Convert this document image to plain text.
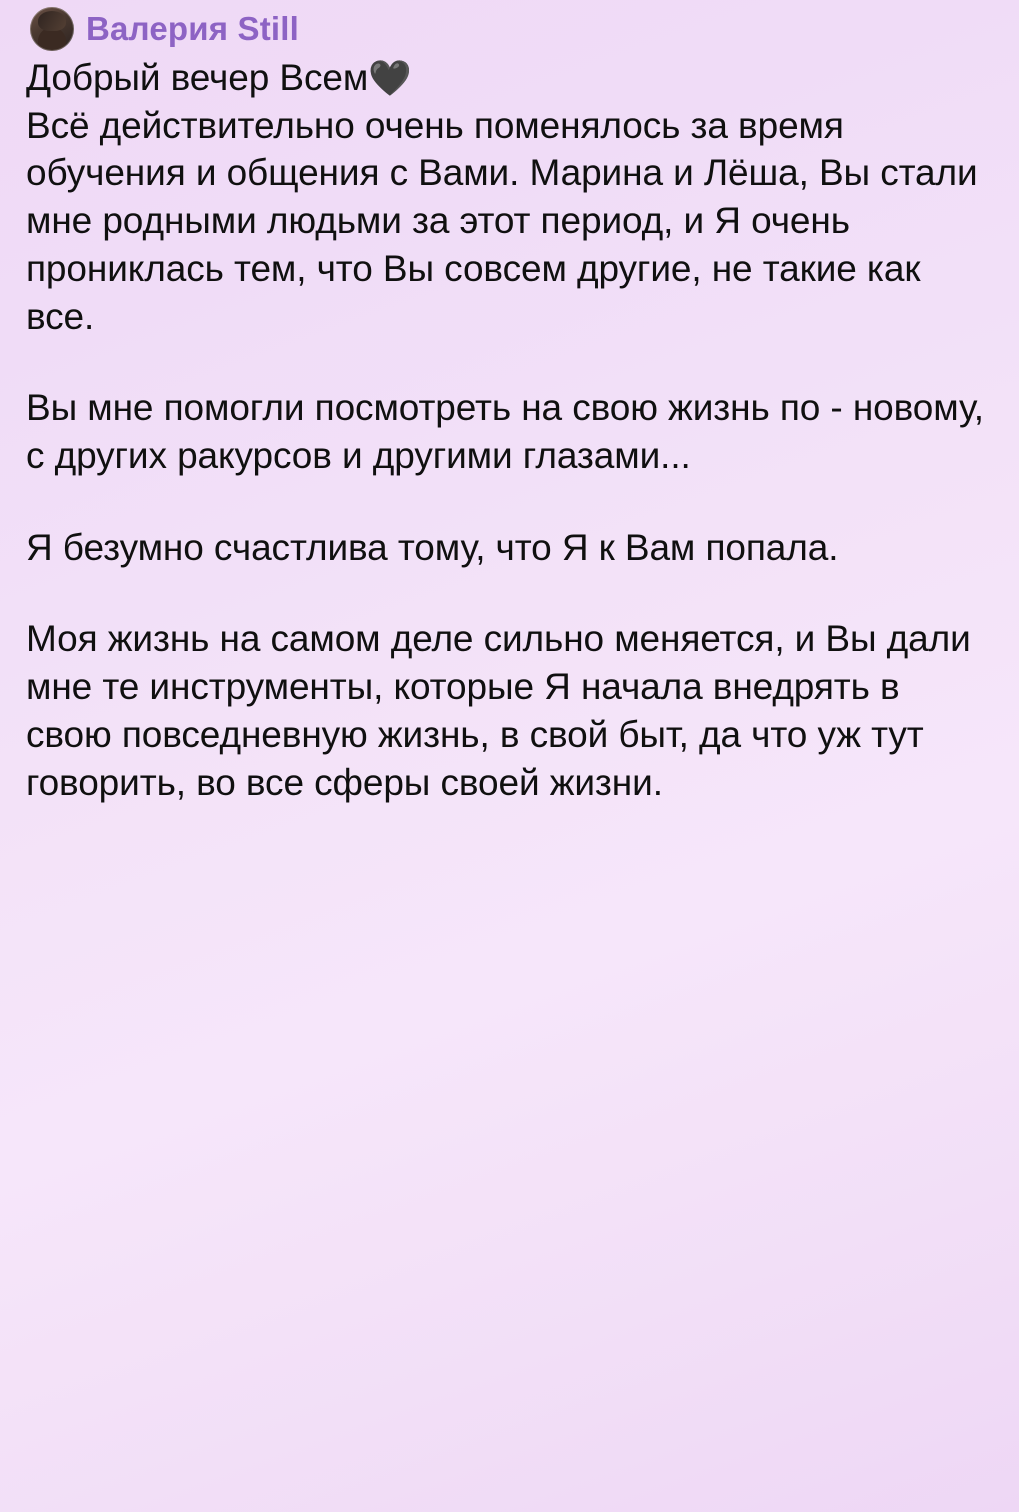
Валерия Still

Добрый вечер Всем🖤

Всё действительно очень поменялось за время обучения и общения с Вами. Марина и Лёша, Вы стали мне родными людьми за этот период, и Я очень прониклась тем, что Вы совсем другие, не такие как все.

Вы мне помогли посмотреть на свою жизнь по - новому, с других ракурсов и другими глазами...

Я безумно счастлива тому, что Я к Вам попала.

Моя жизнь на самом деле сильно меняется, и Вы дали мне те инструменты, которые Я начала внедрять в свою повседневную жизнь, в свой быт, да что уж тут говорить, во все сферы своей жизни.
